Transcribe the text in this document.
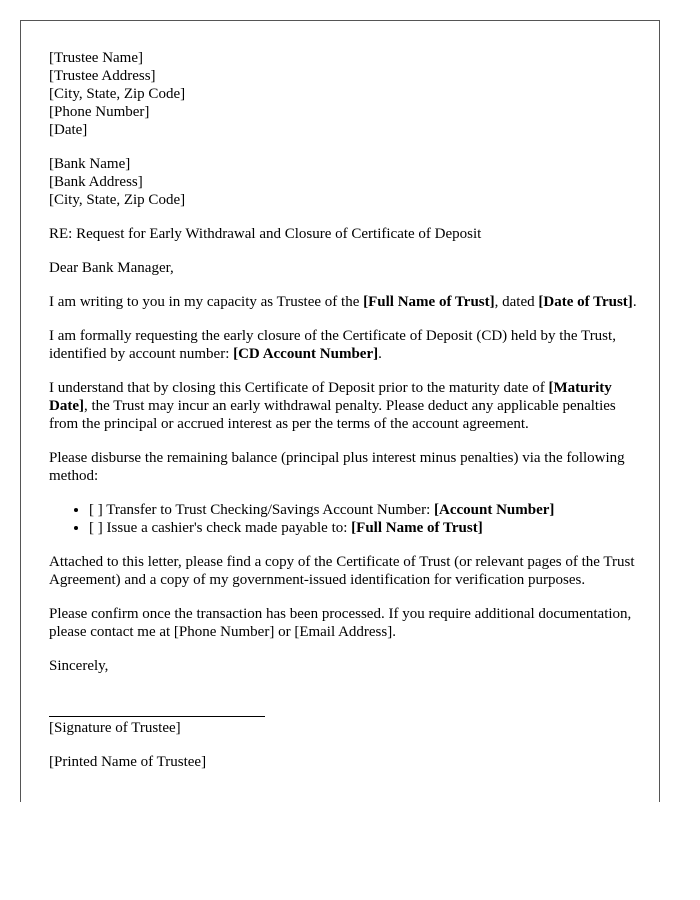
[Trustee Name]
[Trustee Address]
[City, State, Zip Code]
[Phone Number]
[Date]
[Bank Name]
[Bank Address]
[City, State, Zip Code]

RE: Request for Early Withdrawal and Closure of Certificate of Deposit

Dear Bank Manager,

I am writing to you in my capacity as Trustee of the [Full Name of Trust], dated [Date of Trust].

I am formally requesting the early closure of the Certificate of Deposit (CD) held by the Trust, identified by account number: [CD Account Number].

I understand that by closing this Certificate of Deposit prior to the maturity date of [Maturity Date], the Trust may incur an early withdrawal penalty. Please deduct any applicable penalties from the principal or accrued interest as per the terms of the account agreement.

Please disburse the remaining balance (principal plus interest minus penalties) via the following method:

• [ ] Transfer to Trust Checking/Savings Account Number: [Account Number]
• [ ] Issue a cashier's check made payable to: [Full Name of Trust]

Attached to this letter, please find a copy of the Certificate of Trust (or relevant pages of the Trust Agreement) and a copy of my government-issued identification for verification purposes.

Please confirm once the transaction has been processed. If you require additional documentation, please contact me at [Phone Number] or [Email Address].

Sincerely,

[Signature of Trustee]
[Printed Name of Trustee]
